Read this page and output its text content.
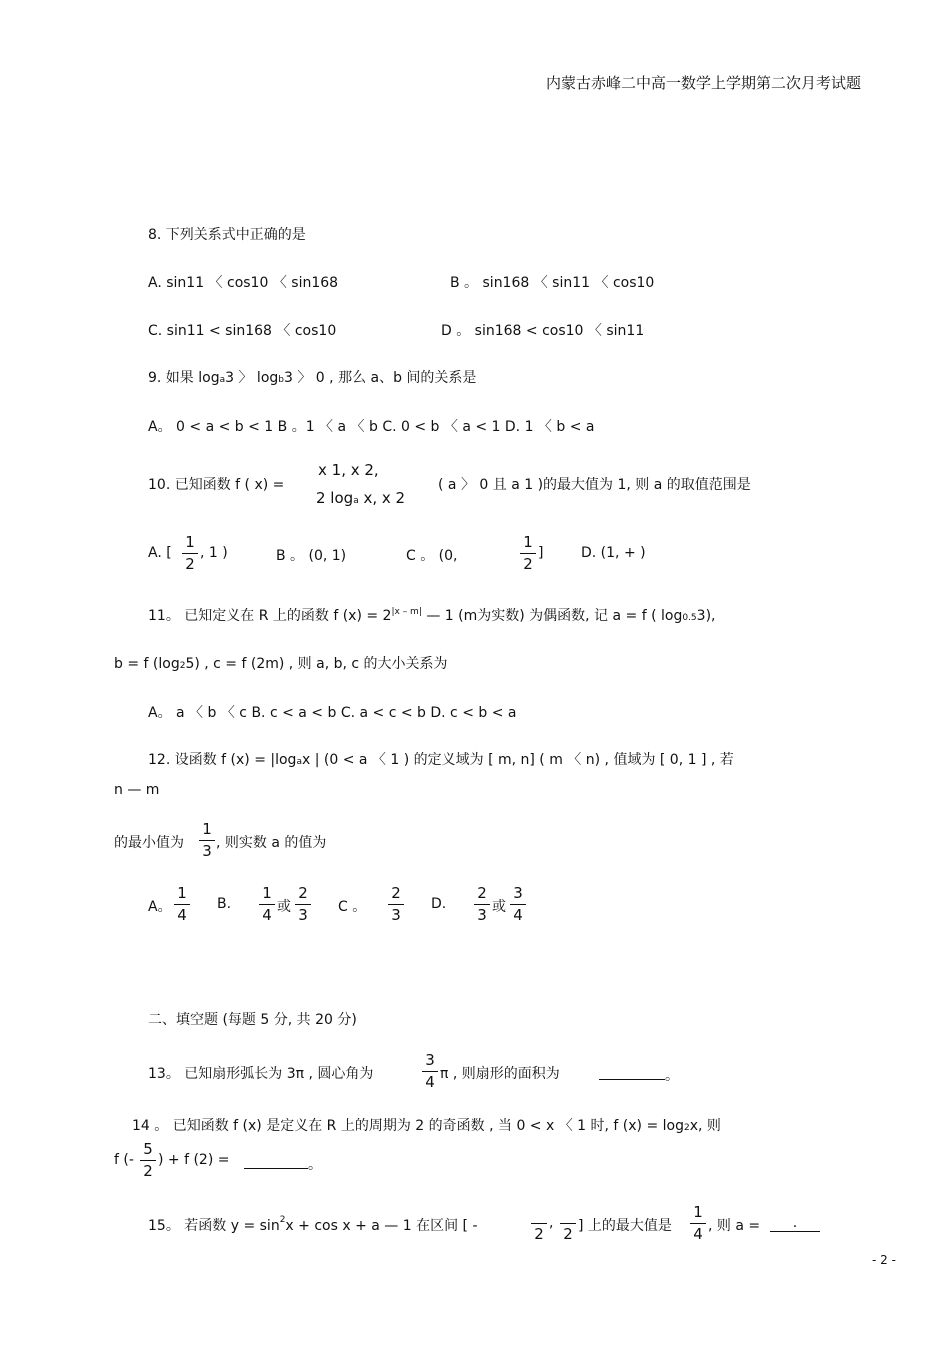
内蒙古赤峰二中高一数学上学期第二次月考试题
8. 下列关系式中正确的是
A. sin11 〈 cos10 〈 sin168	B 。 sin168 〈 sin11 〈 cos10
C. sin11 < sin168 〈 cos10	D 。 sin168 < cos10 〈 sin11
9. 如果 loga3 〉 logb3 〉 0 , 那么 a、b 间的关系是
A。 0 < a < b < 1 B 。1 〈 a 〈 b C. 0 < b 〈 a < 1 D. 1 〈 b < a
10. 已知函数 f ( x) =
x 1, x 2,
2 loga x, x 2
( a 〉 0 且 a 1 )的最大值为 1, 则 a 的取值范围是
A. [
1
2
, 1 )	B 。 (0, 1)	C 。 (0,
1
2
]	D. (1, + )
11。 已知定义在 R 上的函数 f $(x) = 2^{|x - m|}$ — 1 (m为实数) 为偶函数, 记 a = f ( log0.53),
b = f (log25) , c = f (2m) , 则 a, b, c 的大小关系为
A。 a 〈 b 〈 c B. c < a < b C. a < c < b D. c < b < a
12. 设函数 f (x) = |logax | (0 < a 〈 1 ) 的定义域为 [ m, n] ( m 〈 n) , 值域为 [ 0, 1 ] , 若
n — m
的最小值为
1
3 , 则实数 a 的值为
A。
1
4
B.
1
4 或
2
3 C 。
2
3
D.
2
3 或
3
4
二、填空题 (每题 5 分, 共 20 分)
13。 已知扇形弧长为 3π , 圆心角为
3
4 π , 则扇形的面积为	。
14 。 已知函数 f (x) 是定义在 R 上的周期为 2 的奇函数 , 当 0 < x 〈 1 时, f (x) = log2x, 则
f (-
5
2
) + f (2) =	。
15。 若函数 $y = \sin^2x + \cos x + a$ — 1 在区间 [ -
	2
,

2 ] 上的最大值是
1
4 , 则 a =	.
- 2 -
